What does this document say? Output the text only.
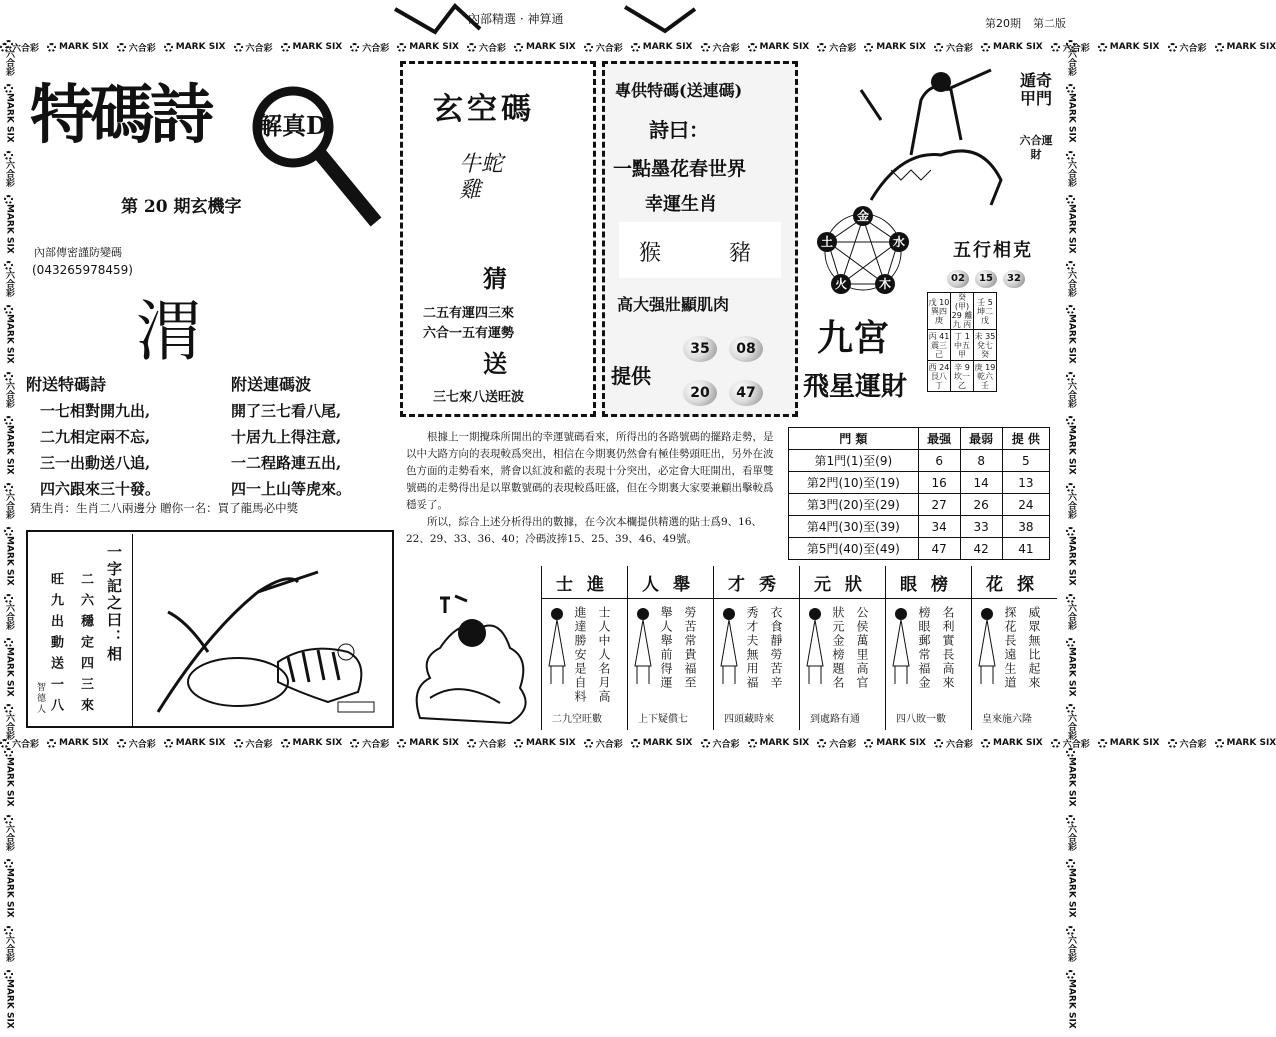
內部精選 · 神算通	第20期 第二版
六合彩	MARK SIX	六合彩	MARK SIX	六合彩	MARK SIX	六合彩	MARK SIX	六合彩	MARK SIX	六合彩	MARK SIX	六合彩	MARK SIX	六合彩	MARK SIX	六合彩	MARK SIX	六合彩	MARK SIX	六合彩	MARK SIX
六合彩	MARK SIX	六合彩	MARK SIX	六合彩	MARK SIX	六合彩	MARK SIX	六合彩	MARK SIX	六合彩	MARK SIX	六合彩	MARK SIX	六合彩	MARK SIX	六合彩	MARK SIX	六合彩	MARK SIX	六合彩	MARK SIX
六合彩
MARK SIX
六合彩
MARK SIX
六合彩
MARK SIX
六合彩
MARK SIX
六合彩
MARK SIX
六合彩
MARK SIX
六合彩
MARK SIX
六合彩
MARK SIX
六合彩
MARK SIX
六合彩
MARK SIX
六合彩
MARK SIX
六合彩
MARK SIX
六合彩
MARK SIX
六合彩
MARK SIX
六合彩
MARK SIX
六合彩
MARK SIX
六合彩
MARK SIX
六合彩
MARK SIX
特碼詩 解真D
第 20 期玄機字
內部傳密謹防變碼
(043265978459)
渭
附送特碼詩
一七相對開九出,
二九相定兩不忘,
三一出動送八追,
四六跟來三十發。
附送連碼波
開了三七看八尾,
十居九上得注意,
一二程路連五出,
四一上山等虎來。
猜生肖：生肖二八兩邊分 贈你一名：買了龍馬必中獎
玄空碼
牛蛇 雞
猜
二五有運四三來
六合一五有運勢
送
三七來八送旺波
專供特碼(送連碼)
詩曰：
一點墨花春世界
幸運生肖
猴	豬
高大强壯顯肌肉
提供
35	08
20	47
遁奇甲門
六合運財
金
水
木
火
土	五行相克
02 15 32
戊 10 巽四 庚	癸(甲) 29 離九 丙	壬 5 坤二 戊
丙 41 震三 己	丁 1 中五 甲	未 35 兌七 癸
西 24 艮八 丁	辛 9 坎一 乙	庚 19 乾六 壬
九宮
飛星運財
根據上一期攪珠所開出的幸運號碼看來，所得出的各路號碼的擺路走勢，是以中大路方向的表現較爲突出，相信在今期裏仍然會有極佳勢頭旺出，另外在波色方面的走勢看來，將會以紅波和藍的表現十分突出，必定會大旺開出，看單雙號碼的走勢得出是以單數號碼的表現較爲旺盛，但在今期裏大家要兼顧出擊較爲穩妥了。
所以，綜合上述分析得出的數據，在今次本欄提供精選的貼士爲9、16、22、29、33、36、40；冷碼波捧15、25、39、46、49號。
門 類	最强	最弱	提 供
第1門(1)至(9)	6	8	5
第2門(10)至(19)	16	14	13
第3門(20)至(29)	27	26	24
第4門(30)至(39)	34	33	38
第5門(40)至(49)	47	42	41
一字記之曰：相
二六穩定四三來
旺九出動送一八
智德人
士進
進達勝安是自料 士人中人名月高
二九空旺數
人舉
舉人舉前得運 勞苦常貴福至
上下疑償七
才秀
秀才夫無用福 衣食靜勞苦辛
四頭藏時來
元狀
狀元金榜題名 公侯萬里高官
到處路有通
眼榜
榜眼郵常福金 名利實長高來
四八敗一數
花探
探花長遠生道 威眾無比起來
皇來施六隆
